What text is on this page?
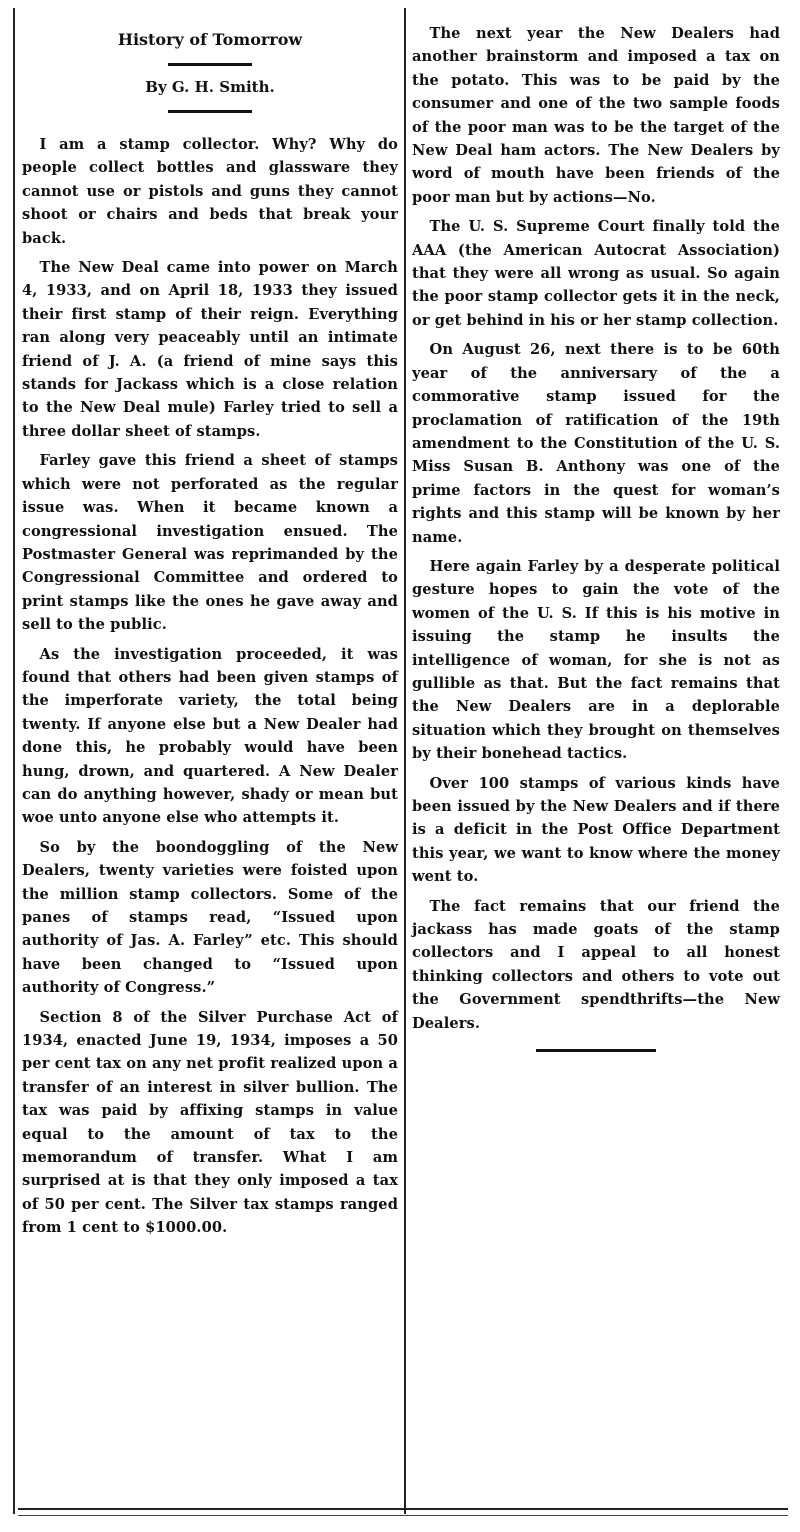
History of Tomorrow
By G. H. Smith.

I am a stamp collector. Why? Why do people collect bottles and glassware they cannot use or pistols and guns they cannot shoot or chairs and beds that break your back.

The New Deal came into power on March 4, 1933, and on April 18, 1933 they issued their first stamp of their reign. Everything ran along very peaceably until an intimate friend of J. A. (a friend of mine says this stands for Jackass which is a close relation to the New Deal mule) Farley tried to sell a three dollar sheet of stamps.

Farley gave this friend a sheet of stamps which were not perforated as the regular issue was. When it became known a congressional investigation ensued. The Postmaster General was reprimanded by the Congressional Committee and ordered to print stamps like the ones he gave away and sell to the public.

As the investigation proceeded, it was found that others had been given stamps of the imperforate variety, the total being twenty. If anyone else but a New Dealer had done this, he probably would have been hung, drown, and quartered. A New Dealer can do anything however, shady or mean but woe unto anyone else who attempts it.

So by the boondoggling of the New Dealers, twenty varieties were foisted upon the million stamp collectors. Some of the panes of stamps read, “Issued upon authority of Jas. A. Farley” etc. This should have been changed to “Issued upon authority of Congress.”

Section 8 of the Silver Purchase Act of 1934, enacted June 19, 1934, imposes a 50 per cent tax on any net profit realized upon a transfer of an interest in silver bullion. The tax was paid by affixing stamps in value equal to the amount of tax to the memorandum of transfer. What I am surprised at is that they only imposed a tax of 50 per cent. The Silver tax stamps ranged from 1 cent to $1000.00.

The next year the New Dealers had another brainstorm and imposed a tax on the potato. This was to be paid by the consumer and one of the two sample foods of the poor man was to be the target of the New Deal ham actors. The New Dealers by word of mouth have been friends of the poor man but by actions—No.

The U. S. Supreme Court finally told the AAA (the American Autocrat Association) that they were all wrong as usual. So again the poor stamp collector gets it in the neck, or get behind in his or her stamp collection.

On August 26, next there is to be 60th year of the anniversary of the a commorative stamp issued for the proclamation of ratification of the 19th amendment to the Constitution of the U. S. Miss Susan B. Anthony was one of the prime factors in the quest for woman’s rights and this stamp will be known by her name.

Here again Farley by a desperate political gesture hopes to gain the vote of the women of the U. S. If this is his motive in issuing the stamp he insults the intelligence of woman, for she is not as gullible as that. But the fact remains that the New Dealers are in a deplorable situation which they brought on themselves by their bonehead tactics.

Over 100 stamps of various kinds have been issued by the New Dealers and if there is a deficit in the Post Office Department this year, we want to know where the money went to.

The fact remains that our friend the jackass has made goats of the stamp collectors and I appeal to all honest thinking collectors and others to vote out the Government spendthrifts—the New Dealers.
